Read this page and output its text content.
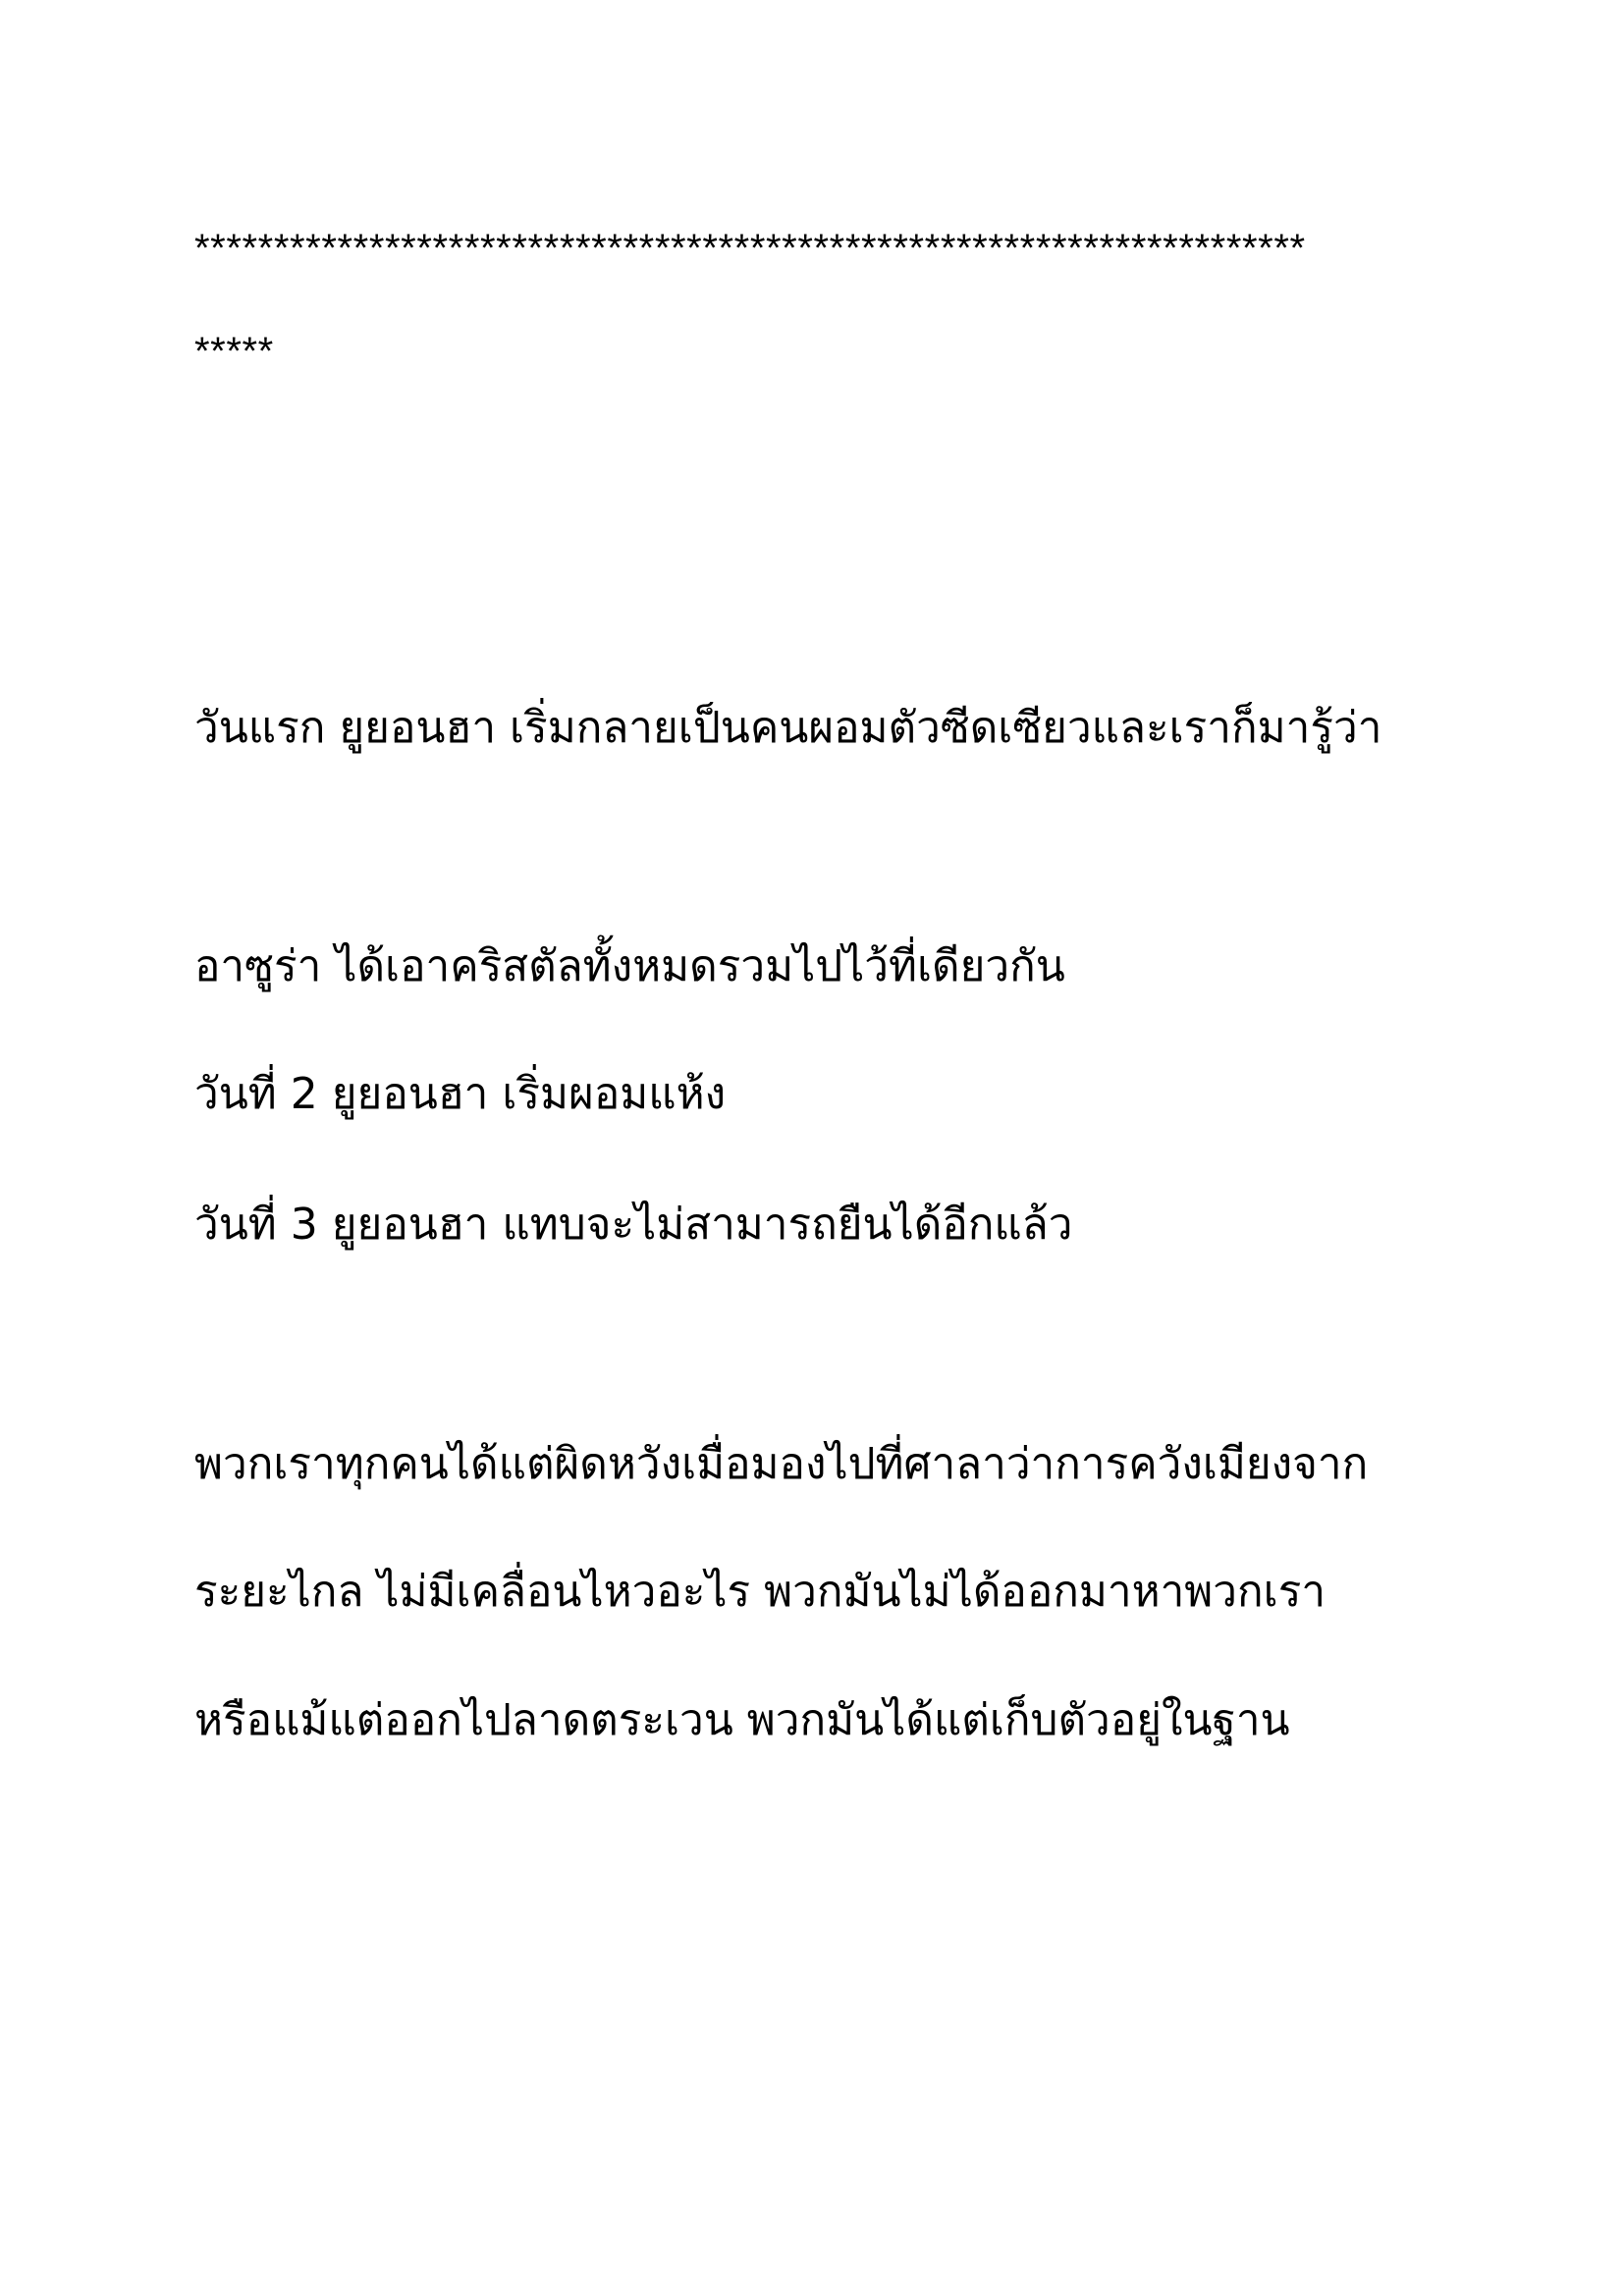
**********************************************************************
*****
วันแรก ยูยอนฮา เริ่มกลายเป็นคนผอมตัวซีดเซียวและเราก็มารู้ว่า
อาซูร่า ได้เอาคริสตัลทั้งหมดรวมไปไว้ที่เดียวกัน
วันที่ 2 ยูยอนฮา เริ่มผอมแห้ง
วันที่ 3 ยูยอนฮา แทบจะไม่สามารถยืนได้อีกแล้ว
พวกเราทุกคนได้แต่ผิดหวังเมื่อมองไปที่ศาลาว่าการควังเมียงจาก
ระยะไกล ไม่มีเคลื่อนไหวอะไร พวกมันไม่ได้ออกมาหาพวกเรา
หรือแม้แต่ออกไปลาดตระเวน พวกมันได้แต่เก็บตัวอยู่ในฐาน
